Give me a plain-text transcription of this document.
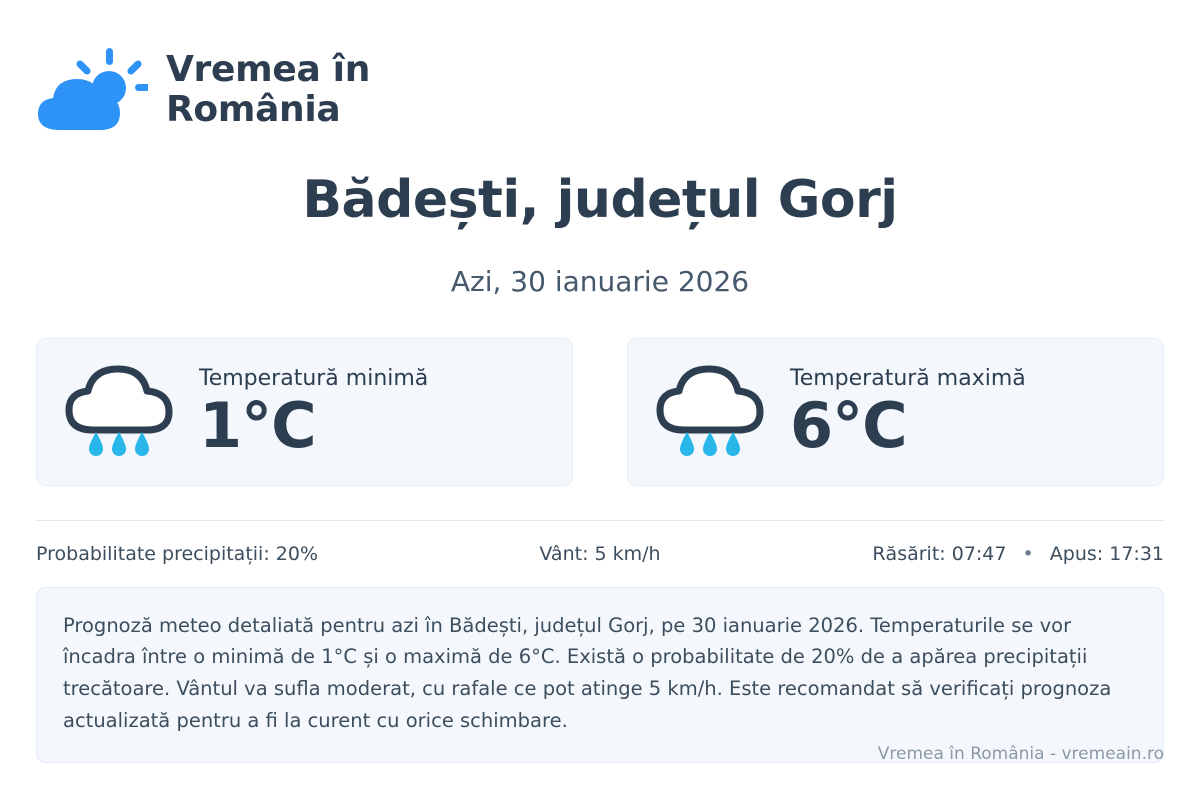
Vremea în
România
Bădești, județul Gorj
Azi, 30 ianuarie 2026
Temperatură minimă
1°C
Temperatură maximă
6°C
Probabilitate precipitații: 20%	Vânt: 5 km/h	Răsărit: 07:47 • Apus: 17:31
Prognoză meteo detaliată pentru azi în Bădești, județul Gorj, pe 30 ianuarie 2026. Temperaturile se vor încadra între o minimă de 1°C și o maximă de 6°C. Există o probabilitate de 20% de a apărea precipitații trecătoare. Vântul va sufla moderat, cu rafale ce pot atinge 5 km/h. Este recomandat să verificați prognoza actualizată pentru a fi la curent cu orice schimbare.
Vremea în România - vremeain.ro
